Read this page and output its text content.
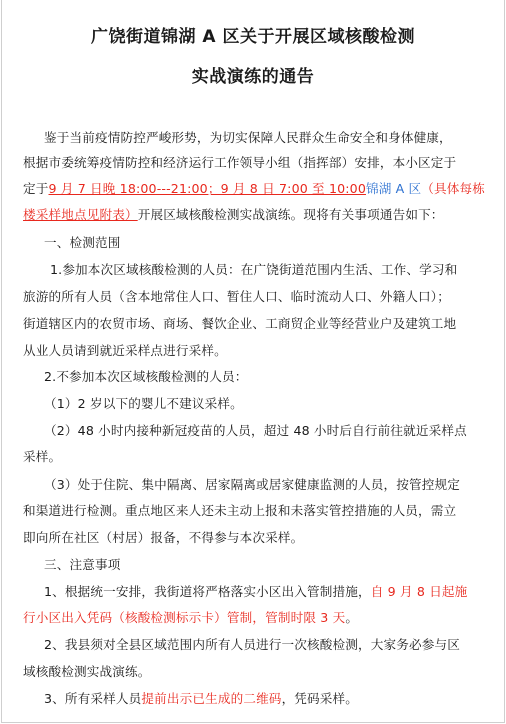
广饶街道锦湖 A 区关于开展区域核酸检测
实战演练的通告
鉴于当前疫情防控严峻形势，为切实保障人民群众生命安全和身体健康，
根据市委统筹疫情防控和经济运行工作领导小组（指挥部）安排，本小区定于
定于9 月 7 日晚 18:00---21:00；9 月 8 日 7:00 至 10:00锦湖 A 区（具体每栋
楼采样地点见附表）开展区域核酸检测实战演练。现将有关事项通告如下：
一、检测范围
1.参加本次区域核酸检测的人员：在广饶街道范围内生活、工作、学习和
旅游的所有人员（含本地常住人口、暂住人口、临时流动人口、外籍人口）；
街道辖区内的农贸市场、商场、餐饮企业、工商贸企业等经营业户及建筑工地
从业人员请到就近采样点进行采样。
2.不参加本次区域核酸检测的人员：
（1）2 岁以下的婴儿不建议采样。
（2）48 小时内接种新冠疫苗的人员，超过 48 小时后自行前往就近采样点
采样。
（3）处于住院、集中隔离、居家隔离或居家健康监测的人员，按管控规定
和渠道进行检测。重点地区来人还未主动上报和未落实管控措施的人员，需立
即向所在社区（村居）报备，不得参与本次采样。
三、注意事项
1、根据统一安排，我街道将严格落实小区出入管制措施，自 9 月 8 日起施
行小区出入凭码（核酸检测标示卡）管制，管制时限 3 天。
2、我县须对全县区域范围内所有人员进行一次核酸检测，大家务必参与区
域核酸检测实战演练。
3、所有采样人员提前出示已生成的二维码，凭码采样。
